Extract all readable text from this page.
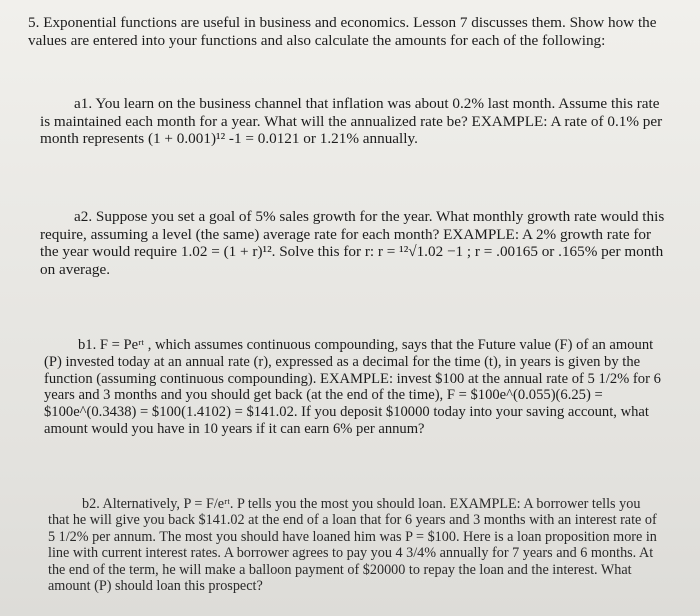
5. Exponential functions are useful in business and economics. Lesson 7 discusses them. Show how the values are entered into your functions and also calculate the amounts for each of the following:

a1. You learn on the business channel that inflation was about 0.2% last month. Assume this rate is maintained each month for a year. What will the annualized rate be? EXAMPLE: A rate of 0.1% per month represents (1 + 0.001)¹² -1 = 0.0121 or 1.21% annually.

a2. Suppose you set a goal of 5% sales growth for the year. What monthly growth rate would this require, assuming a level (the same) average rate for each month? EXAMPLE: A 2% growth rate for the year would require 1.02 = (1 + r)¹². Solve this for r: r = ¹²√1.02 −1 ; r = .00165 or .165% per month on average.

b1. F = Peʳᵗ , which assumes continuous compounding, says that the Future value (F) of an amount (P) invested today at an annual rate (r), expressed as a decimal for the time (t), in years is given by the function (assuming continuous compounding). EXAMPLE: invest $100 at the annual rate of 5 1/2% for 6 years and 3 months and you should get back (at the end of the time), F = $100e^(0.055)(6.25) = $100e^(0.3438) = $100(1.4102) = $141.02. If you deposit $10000 today into your saving account, what amount would you have in 10 years if it can earn 6% per annum?

b2. Alternatively, P = F/eʳᵗ. P tells you the most you should loan. EXAMPLE: A borrower tells you that he will give you back $141.02 at the end of a loan that for 6 years and 3 months with an interest rate of 5 1/2% per annum. The most you should have loaned him was P = $100. Here is a loan proposition more in line with current interest rates. A borrower agrees to pay you 4 3/4% annually for 7 years and 6 months. At the end of the term, he will make a balloon payment of $20000 to repay the loan and the interest. What amount (P) should loan this prospect?
